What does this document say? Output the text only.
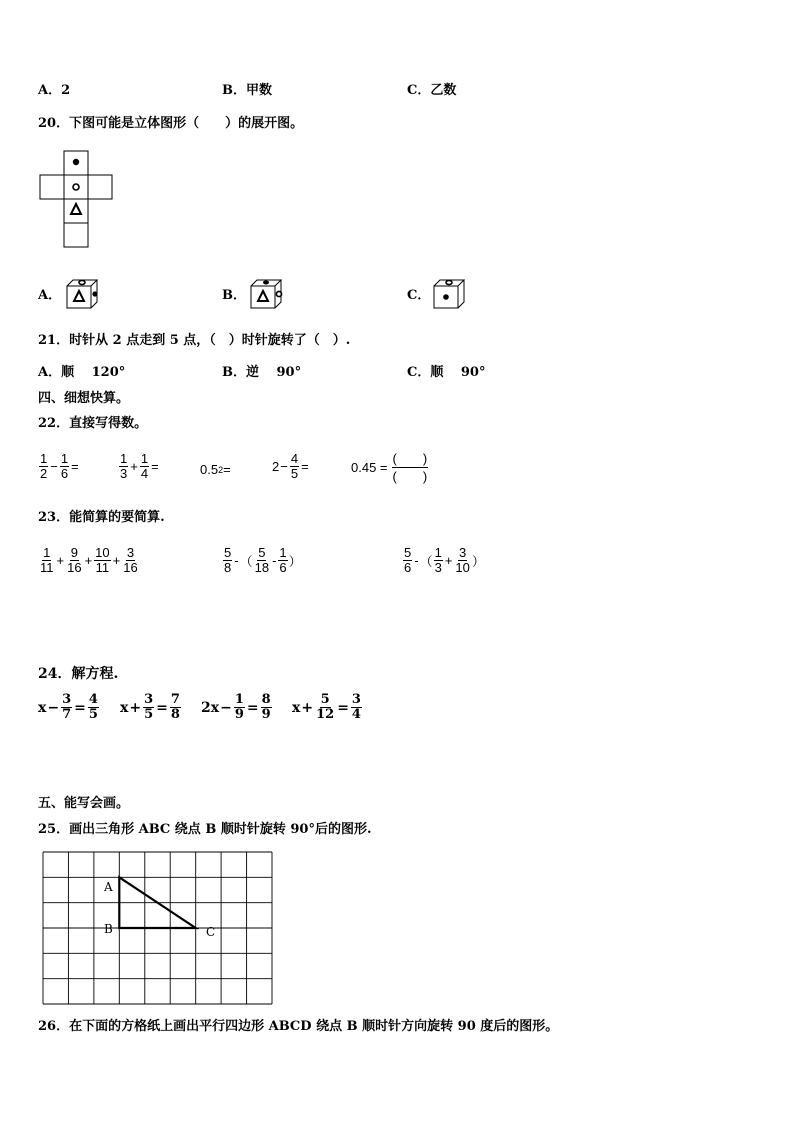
A．2	B．甲数	C．乙数
20．下图可能是立体图形（　　）的展开图。
A．	B．	C．
21．时针从 2 点走到 5 点，（　）时针旋转了（　）.
A．顺　 120°	B．逆　 90°	C．顺　 90°
四、细想快算。
22．直接写得数。
$\frac{1}{2} - \frac{1}{6}$ =	$\frac{1}{3} + \frac{1}{4}$ =	0.5 2 =	$2 - \frac{4}{5}$ =	$0.45 = \frac{( )}{( )}$
23．能简算的要简算.
$\frac{1}{11} + \frac{9}{16} + \frac{10}{11} + \frac{3}{16}$	$\frac{5}{8}$ - （ $\frac{5}{18} - \frac{1}{6}$ ）	$\frac{5}{6}$ - （ $\frac{1}{3} + \frac{3}{10}$ ）
24．解方程.
$x - \frac{3}{7} = \frac{4}{5}$ $x + \frac{3}{5} = \frac{7}{8} 2x - \frac{1}{9} = \frac{8}{9}$ $x + \frac{5}{12} = \frac{3}{4}$
五、能写会画。
25．画出三角形 ABC 绕点 B 顺时针旋转 90°后的图形.
A
B	C
26．在下面的方格纸上画出平行四边形 ABCD 绕点 B 顺时针方向旋转 90 度后的图形。
